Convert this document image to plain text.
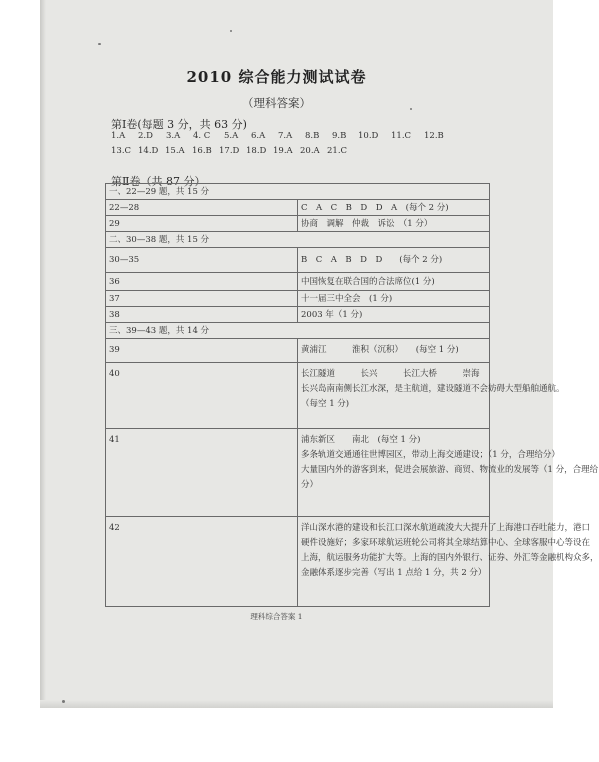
2010 综合能力测试试卷
（理科答案）
第Ⅰ卷(每题 3 分，共 63 分)
1.A 2.D 3.A 4. C 5.A 6.A 7.A 8.B 9.B 10.D 11.C 12.B
13.C 14.D 15.A 16.B 17.D 18.D 19.A 20.A 21.C
第Ⅱ卷（共 87 分）
一、22—29 题，共 15 分	
22—28	C　A　C　B　D　D　A　(每个 2 分)
29	协商　调解　仲裁　诉讼　（1 分）
二、30—38 题，共 15 分	
30—35	B　C　A　B　D　D　　(每个 2 分)
36	中国恢复在联合国的合法席位(1 分)
37	十一届三中全会　(1 分)
38	2003 年（1 分)
三、39—43 题，共 14 分	
39	黄浦江　　　淮积（沉积）　　(每空 1 分)

40	长江隧道　　　长兴　　　长江大桥　　　崇海
长兴岛南南侧长江水深，是主航道，建设隧道不会妨碍大型船舶通航。
（每空 1 分)

41	浦东新区　　南北　(每空 1 分)
多条轨道交通通往世博园区，带动上海交通建设；（1 分，合理给分）
大量国内外的游客到来，促进会展旅游、商贸、物流业的发展等（1 分，合理给
分）

42	洋山深水港的建设和长江口深水航道疏浚大大提升了上海港口吞吐能力，港口
硬件设施好；多家环球航运班轮公司将其全球结算中心、全球客服中心等设在
上海，航运服务功能扩大等。上海的国内外银行、证券、外汇等金融机构众多，
金融体系逐步完善（写出 1 点给 1 分，共 2 分）
理科综合答案 1
